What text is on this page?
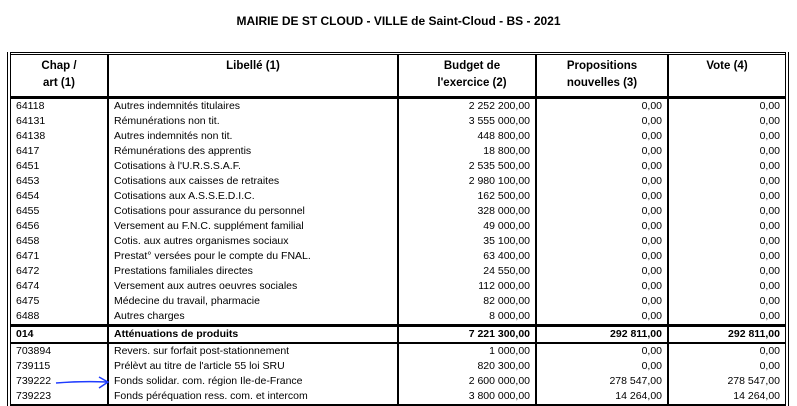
MAIRIE DE ST CLOUD - VILLE de Saint-Cloud - BS - 2021
Chap / art (1)	Libellé (1)	Budget de l'exercice (2)	Propositions nouvelles (3)	Vote (4)
64118	Autres indemnités titulaires	2 252 200,00	0,00	0,00
64131	Rémunérations non tit.	3 555 000,00	0,00	0,00
64138	Autres indemnités non tit.	448 800,00	0,00	0,00
6417	Rémunérations des apprentis	18 800,00	0,00	0,00
6451	Cotisations à l'U.R.S.S.A.F.	2 535 500,00	0,00	0,00
6453	Cotisations aux caisses de retraites	2 980 100,00	0,00	0,00
6454	Cotisations aux A.S.S.E.D.I.C.	162 500,00	0,00	0,00
6455	Cotisations pour assurance du personnel	328 000,00	0,00	0,00
6456	Versement au F.N.C. supplément familial	49 000,00	0,00	0,00
6458	Cotis. aux autres organismes sociaux	35 100,00	0,00	0,00
6471	Prestat° versées pour le compte du FNAL.	63 400,00	0,00	0,00
6472	Prestations familiales directes	24 550,00	0,00	0,00
6474	Versement aux autres oeuvres sociales	112 000,00	0,00	0,00
6475	Médecine du travail, pharmacie	82 000,00	0,00	0,00
6488	Autres charges	8 000,00	0,00	0,00
014	Atténuations de produits	7 221 300,00	292 811,00	292 811,00
703894	Revers. sur forfait post-stationnement	1 000,00	0,00	0,00
739115	Prélèvt au titre de l'article 55 loi SRU	820 300,00	0,00	0,00
739222	Fonds solidar. com. région Ile-de-France	2 600 000,00	278 547,00	278 547,00
739223	Fonds péréquation ress. com. et intercom	3 800 000,00	14 264,00	14 264,00
